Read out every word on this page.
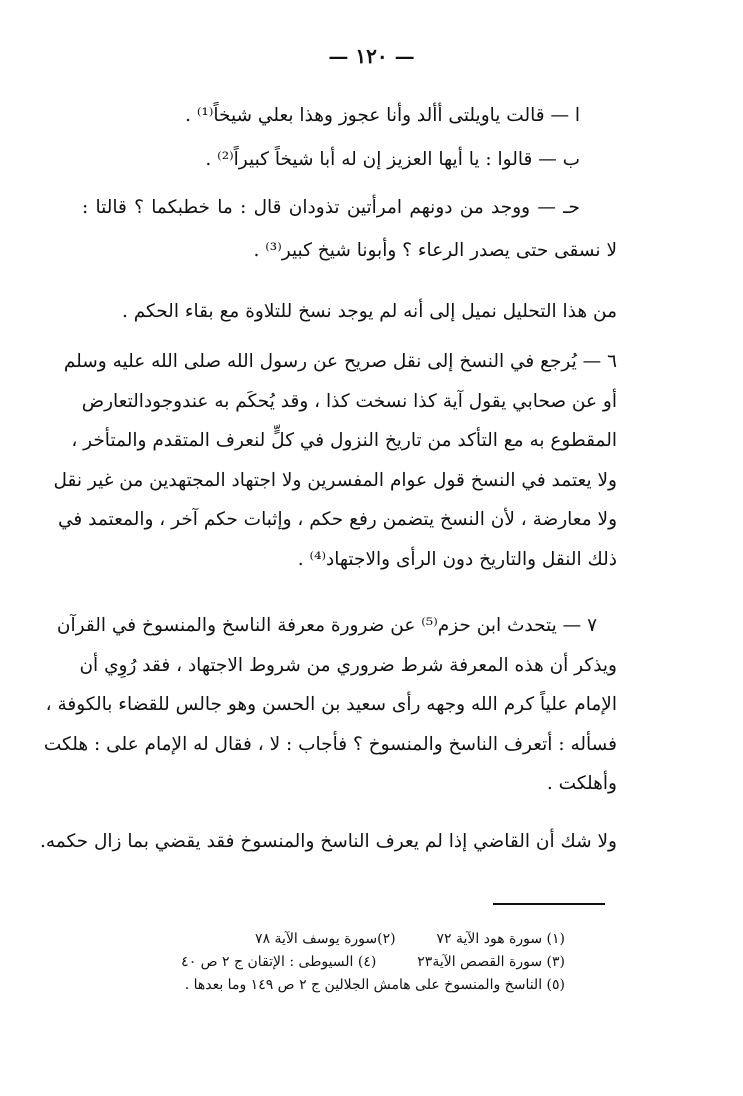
— ١٢٠ —
ا — قالت ياويلتى أألد وأنا عجوز وهذا بعلي شيخاً⁽¹⁾ .
ب — قالوا : يا أيها العزيز إن له أبا شيخاً كبيراً⁽²⁾ .
حـ — ووجد من دونهم امرأتين تذودان قال : ما خطبكما ؟ قالتا :
لا نسقى حتى يصدر الرعاء ؟ وأبونا شيخ كبير⁽³⁾ .
من هذا التحليل نميل إلى أنه لم يوجد نسخ للتلاوة مع بقاء الحكم .

٦ — يُرجع في النسخ إلى نقل صريح عن رسول الله صلى الله عليه وسلم

أو عن صحابي يقول آية كذا نسخت كذا ، وقد يُحكَم به عندوجودالتعارض

المقطوع به مع التأكد من تاريخ النزول في كلٍّ لنعرف المتقدم والمتأخر ،

ولا يعتمد في النسخ قول عوام المفسرين ولا اجتهاد المجتهدين من غير نقل

ولا معارضة ، لأن النسخ يتضمن رفع حكم ، وإثبات حكم آخر ، والمعتمد في

ذلك النقل والتاريخ دون الرأى والاجتهاد⁽⁴⁾ .

٧ — يتحدث ابن حزم⁽⁵⁾ عن ضرورة معرفة الناسخ والمنسوخ في القرآن

ويذكر أن هذه المعرفة شرط ضروري من شروط الاجتهاد ، فقد رُوِي أن

الإمام علياً كرم الله وجهه رأى سعيد بن الحسن وهو جالس للقضاء بالكوفة ،

فسأله : أتعرف الناسخ والمنسوخ ؟ فأجاب : لا ، فقال له الإمام على : هلكت

وأهلكت .

ولا شك أن القاضي إذا لم يعرف الناسخ والمنسوخ فقد يقضي بما زال حكمه.
(١) سورة هود الآية ٧٢  (٢)سورة يوسف الآية ٧٨
(٣) سورة القصص الآية٢٣  (٤) السيوطى : الإتقان ج ٢ ص ٤٠
(٥) الناسخ والمنسوخ على هامش الجلالين ج ٢ ص ١٤٩ وما بعدها .
